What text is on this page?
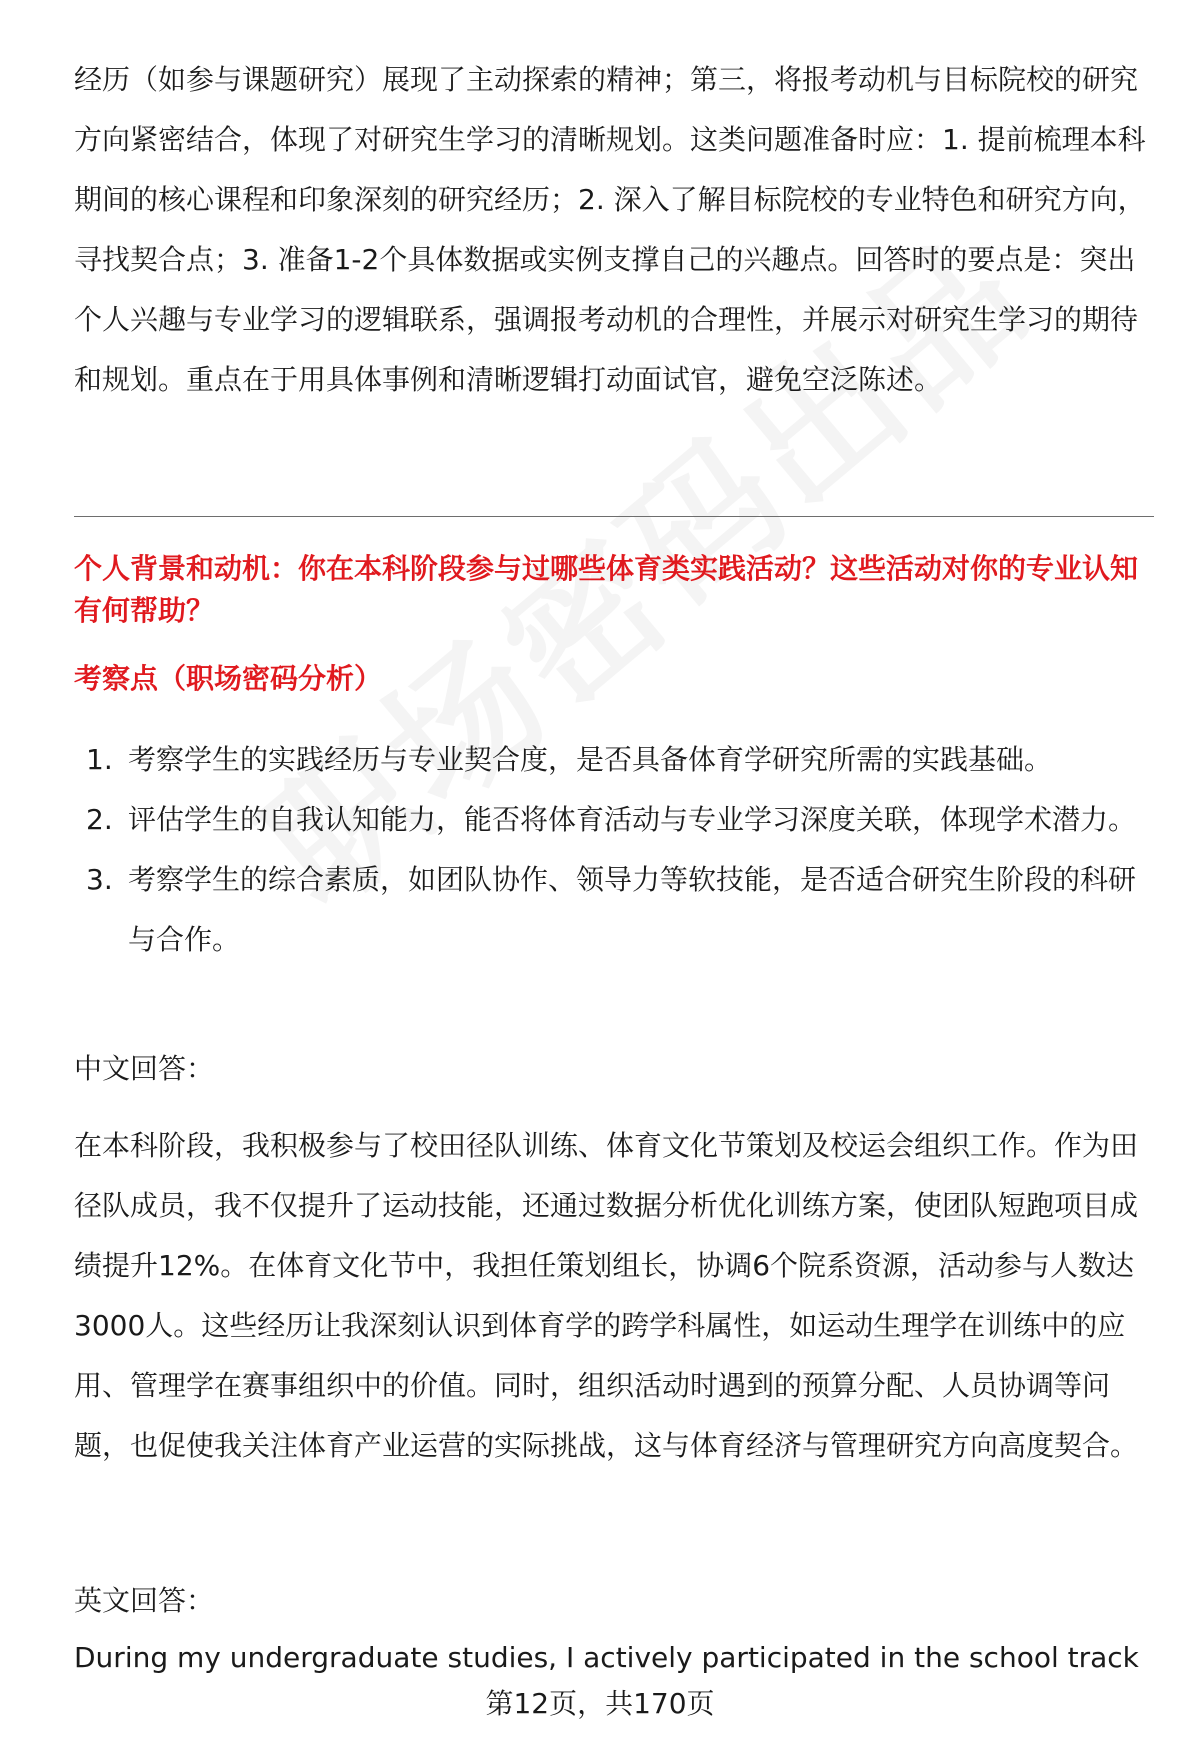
经历（如参与课题研究）展现了主动探索的精神；第三，将报考动机与目标院校的研究方向紧密结合，体现了对研究生学习的清晰规划。这类问题准备时应：1. 提前梳理本科期间的核心课程和印象深刻的研究经历；2. 深入了解目标院校的专业特色和研究方向，寻找契合点；3. 准备1-2个具体数据或实例支撑自己的兴趣点。回答时的要点是：突出个人兴趣与专业学习的逻辑联系，强调报考动机的合理性，并展示对研究生学习的期待和规划。重点在于用具体事例和清晰逻辑打动面试官，避免空泛陈述。

个人背景和动机：你在本科阶段参与过哪些体育类实践活动？这些活动对你的专业认知有何帮助？
考察点（职场密码分析）
1. 考察学生的实践经历与专业契合度，是否具备体育学研究所需的实践基础。
2. 评估学生的自我认知能力，能否将体育活动与专业学习深度关联，体现学术潜力。
3. 考察学生的综合素质，如团队协作、领导力等软技能，是否适合研究生阶段的科研与合作。

中文回答：

在本科阶段，我积极参与了校田径队训练、体育文化节策划及校运会组织工作。作为田径队成员，我不仅提升了运动技能，还通过数据分析优化训练方案，使团队短跑项目成绩提升12%。在体育文化节中，我担任策划组长，协调6个院系资源，活动参与人数达3000人。这些经历让我深刻认识到体育学的跨学科属性，如运动生理学在训练中的应用、管理学在赛事组织中的价值。同时，组织活动时遇到的预算分配、人员协调等问题，也促使我关注体育产业运营的实际挑战，这与体育经济与管理研究方向高度契合。

英文回答：

During my undergraduate studies, I actively participated in the school track

第12页，共170页
